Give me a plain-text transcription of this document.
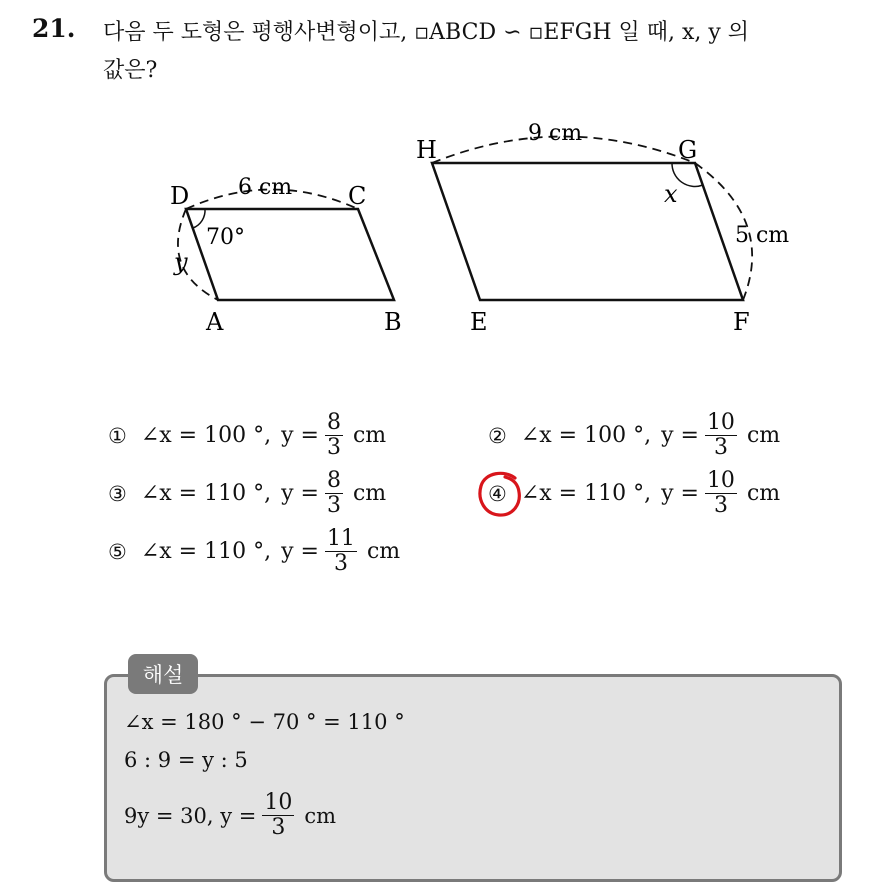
21. 다음 두 도형은 평행사변형이고, ▫ABCD ∽ ▫EFGH 일 때, x, y 의
값은?
D	C
A	B
6 cm
70°
y
H	G
E	F
9 cm
x
5 cm
① ∠x = 100 °, $y = \frac{8}{3}$ cm	② ∠x = 100 °, $y = \frac{10}{3}$ cm
③ ∠x = 110 °, $y = \frac{8}{3}$ cm	④ ∠x = 110 °, $y = \frac{10}{3}$ cm
⑤ ∠x = 110 °, $y = \frac{11}{3}$ cm
해설
∠x = 180 ° − 70 ° = 110 °
6 : 9 = y : 5
9y = 30, $y = \frac{10}{3}$ cm
